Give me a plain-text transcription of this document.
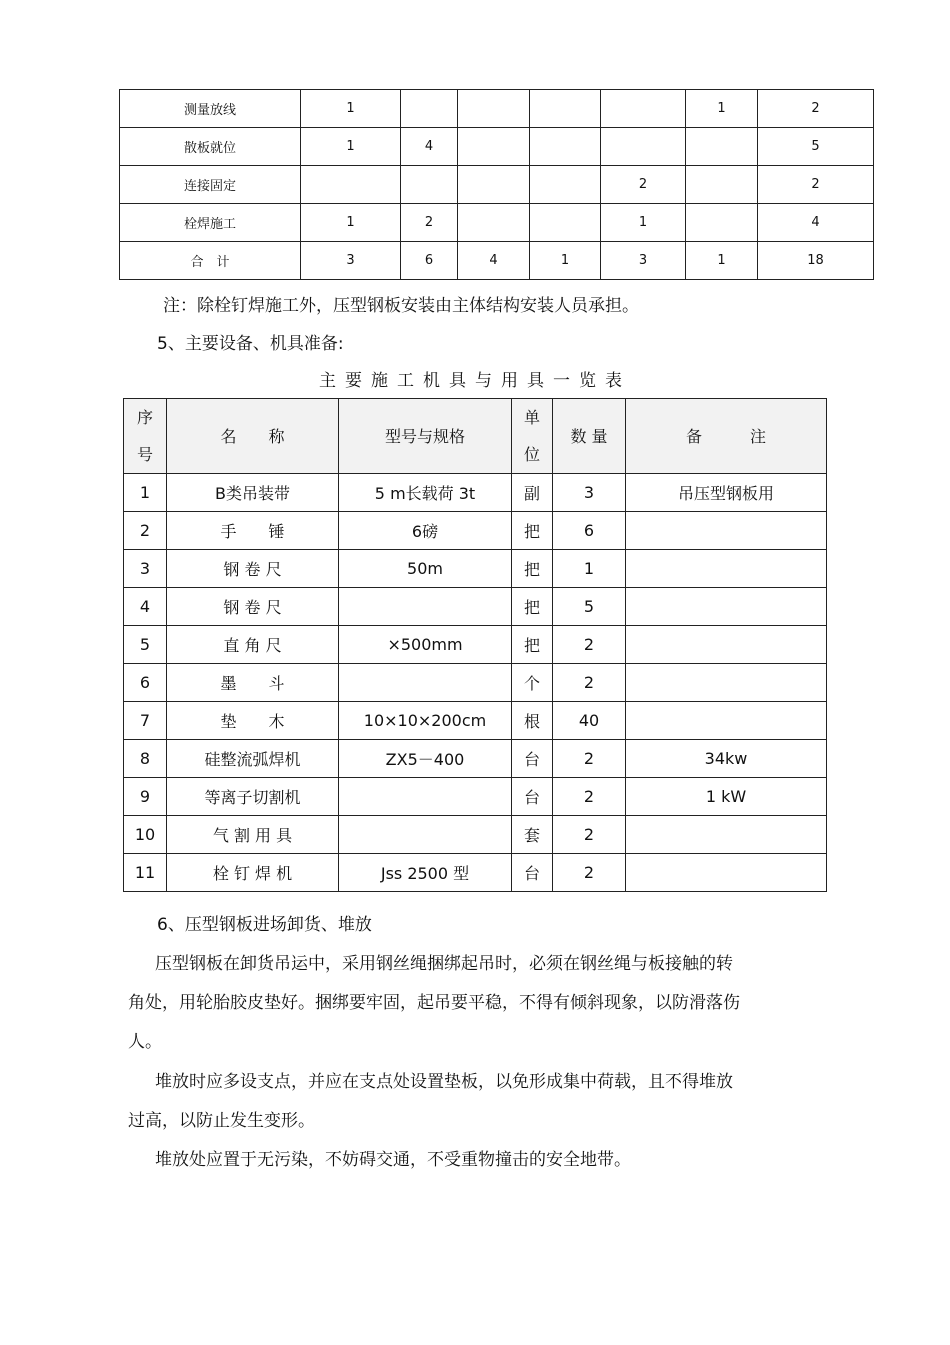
测量放线	1					1	2
散板就位	1	4					5
连接固定					2		2
栓焊施工	1	2			1		4
合　计	3	6	4	1	3	1	18

注：除栓钉焊施工外，压型钢板安装由主体结构安装人员承担。

5、主要设备、机具准备:

主要施工机具与用具一览表

序号	名　　称	型号与规格	单位	数 量	备　　　注
1	B类吊装带	5 m长载荷 3t	副	3	吊压型钢板用
2	手　　锤	6磅	把	6	
3	钢 卷 尺	50m	把	1	
4	钢 卷 尺		把	5	
5	直 角 尺	×500mm	把	2	
6	墨　　斗		个	2	
7	垫　　木	10×10×200cm	根	40	
8	硅整流弧焊机	ZX5－400	台	2	34kw
9	等离子切割机		台	2	1 kW
10	气 割 用 具		套	2	
11	栓 钉 焊 机	Jss 2500 型	台	2	

6、压型钢板进场卸货、堆放

压型钢板在卸货吊运中，采用钢丝绳捆绑起吊时，必须在钢丝绳与板接触的转

角处，用轮胎胶皮垫好。捆绑要牢固，起吊要平稳，不得有倾斜现象，以防滑落伤

人。

堆放时应多设支点，并应在支点处设置垫板，以免形成集中荷载，且不得堆放

过高，以防止发生变形。

堆放处应置于无污染，不妨碍交通，不受重物撞击的安全地带。
